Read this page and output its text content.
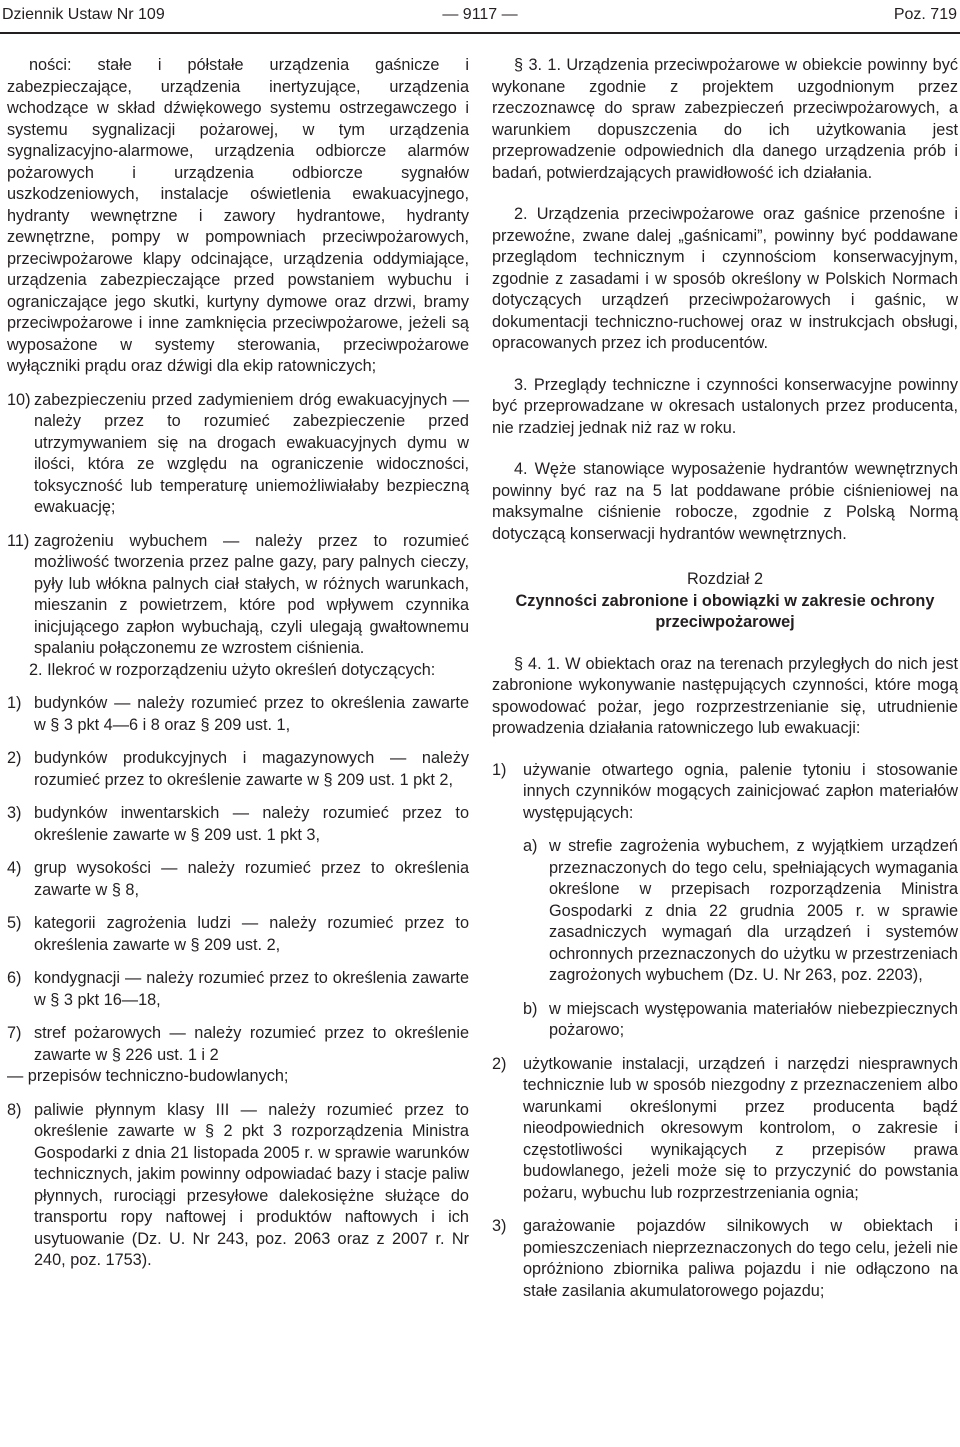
Dziennik Ustaw Nr 109	— 9117 —	Poz. 719

ności: stałe i półstałe urządzenia gaśnicze i zabezpieczające, urządzenia inertyzujące, urządzenia wchodzące w skład dźwiękowego systemu ostrzegawczego i systemu sygnalizacji pożarowej, w tym urządzenia sygnalizacyjno-alarmowe, urządzenia odbiorcze alarmów pożarowych i urządzenia odbiorcze sygnałów uszkodzeniowych, instalacje oświetlenia ewakuacyjnego, hydranty wewnętrzne i zawory hydrantowe, hydranty zewnętrzne, pompy w pompowniach przeciwpożarowych, przeciwpożarowe klapy odcinające, urządzenia oddymiające, urządzenia zabezpieczające przed powstaniem wybuchu i ograniczające jego skutki, kurtyny dymowe oraz drzwi, bramy przeciwpożarowe i inne zamknięcia przeciwpożarowe, jeżeli są wyposażone w systemy sterowania, przeciwpożarowe wyłączniki prądu oraz dźwigi dla ekip ratowniczych;

10) zabezpieczeniu przed zadymieniem dróg ewakuacyjnych — należy przez to rozumieć zabezpieczenie przed utrzymywaniem się na drogach ewakuacyjnych dymu w ilości, która ze względu na ograniczenie widoczności, toksyczność lub temperaturę uniemożliwiałaby bezpieczną ewakuację;
11) zagrożeniu wybuchem — należy przez to rozumieć możliwość tworzenia przez palne gazy, pary palnych cieczy, pyły lub włókna palnych ciał stałych, w różnych warunkach, mieszanin z powietrzem, które pod wpływem czynnika inicjującego zapłon wybuchają, czyli ulegają gwałtownemu spalaniu połączonemu ze wzrostem ciśnienia.

2. Ilekroć w rozporządzeniu użyto określeń dotyczących:

1) budynków — należy rozumieć przez to określenia zawarte w § 3 pkt 4—6 i 8 oraz § 209 ust. 1,
2) budynków produkcyjnych i magazynowych — należy rozumieć przez to określenie zawarte w § 209 ust. 1 pkt 2,
3) budynków inwentarskich — należy rozumieć przez to określenie zawarte w § 209 ust. 1 pkt 3,
4) grup wysokości — należy rozumieć przez to określenia zawarte w § 8,
5) kategorii zagrożenia ludzi — należy rozumieć przez to określenia zawarte w § 209 ust. 2,
6) kondygnacji — należy rozumieć przez to określenia zawarte w § 3 pkt 16—18,
7) stref pożarowych — należy rozumieć przez to określenie zawarte w § 226 ust. 1 i 2

— przepisów techniczno-budowlanych;

8) paliwie płynnym klasy III — należy rozumieć przez to określenie zawarte w § 2 pkt 3 rozporządzenia Ministra Gospodarki z dnia 21 listopada 2005 r. w sprawie warunków technicznych, jakim powinny odpowiadać bazy i stacje paliw płynnych, rurociągi przesyłowe dalekosiężne służące do transportu ropy naftowej i produktów naftowych i ich usytuowanie (Dz. U. Nr 243, poz. 2063 oraz z 2007 r. Nr 240, poz. 1753).

§ 3. 1. Urządzenia przeciwpożarowe w obiekcie powinny być wykonane zgodnie z projektem uzgodnionym przez rzeczoznawcę do spraw zabezpieczeń przeciwpożarowych, a warunkiem dopuszczenia do ich użytkowania jest przeprowadzenie odpowiednich dla danego urządzenia prób i badań, potwierdzających prawidłowość ich działania.

2. Urządzenia przeciwpożarowe oraz gaśnice przenośne i przewoźne, zwane dalej „gaśnicami”, powinny być poddawane przeglądom technicznym i czynnościom konserwacyjnym, zgodnie z zasadami i w sposób określony w Polskich Normach dotyczących urządzeń przeciwpożarowych i gaśnic, w dokumentacji techniczno-ruchowej oraz w instrukcjach obsługi, opracowanych przez ich producentów.

3. Przeglądy techniczne i czynności konserwacyjne powinny być przeprowadzane w okresach ustalonych przez producenta, nie rzadziej jednak niż raz w roku.

4. Węże stanowiące wyposażenie hydrantów wewnętrznych powinny być raz na 5 lat poddawane próbie ciśnieniowej na maksymalne ciśnienie robocze, zgodnie z Polską Normą dotyczącą konserwacji hydrantów wewnętrznych.

Rozdział 2

Czynności zabronione i obowiązki w zakresie ochrony przeciwpożarowej

§ 4. 1. W obiektach oraz na terenach przyległych do nich jest zabronione wykonywanie następujących czynności, które mogą spowodować pożar, jego rozprzestrzenianie się, utrudnienie prowadzenia działania ratowniczego lub ewakuacji:

1)	używanie otwartego ognia, palenie tytoniu i stosowanie innych czynników mogących zainicjować zapłon materiałów występujących:
a) w strefie zagrożenia wybuchem, z wyjątkiem urządzeń przeznaczonych do tego celu, spełniających wymagania określone w przepisach rozporządzenia Ministra Gospodarki z dnia 22 grudnia 2005 r. w sprawie zasadniczych wymagań dla urządzeń i systemów ochronnych przeznaczonych do użytku w przestrzeniach zagrożonych wybuchem (Dz. U. Nr 263, poz. 2203),
b) w miejscach występowania materiałów niebezpiecznych pożarowo;
2)	użytkowanie instalacji, urządzeń i narzędzi niesprawnych technicznie lub w sposób niezgodny z przeznaczeniem albo warunkami określonymi przez producenta bądź nieodpowiednich okresowym kontrolom, o zakresie i częstotliwości wynikających z przepisów prawa budowlanego, jeżeli może się to przyczynić do powstania pożaru, wybuchu lub rozprzestrzeniania ognia;
3)	garażowanie pojazdów silnikowych w obiektach i pomieszczeniach nieprzeznaczonych do tego celu, jeżeli nie opróżniono zbiornika paliwa pojazdu i nie odłączono na stałe zasilania akumulatorowego pojazdu;
